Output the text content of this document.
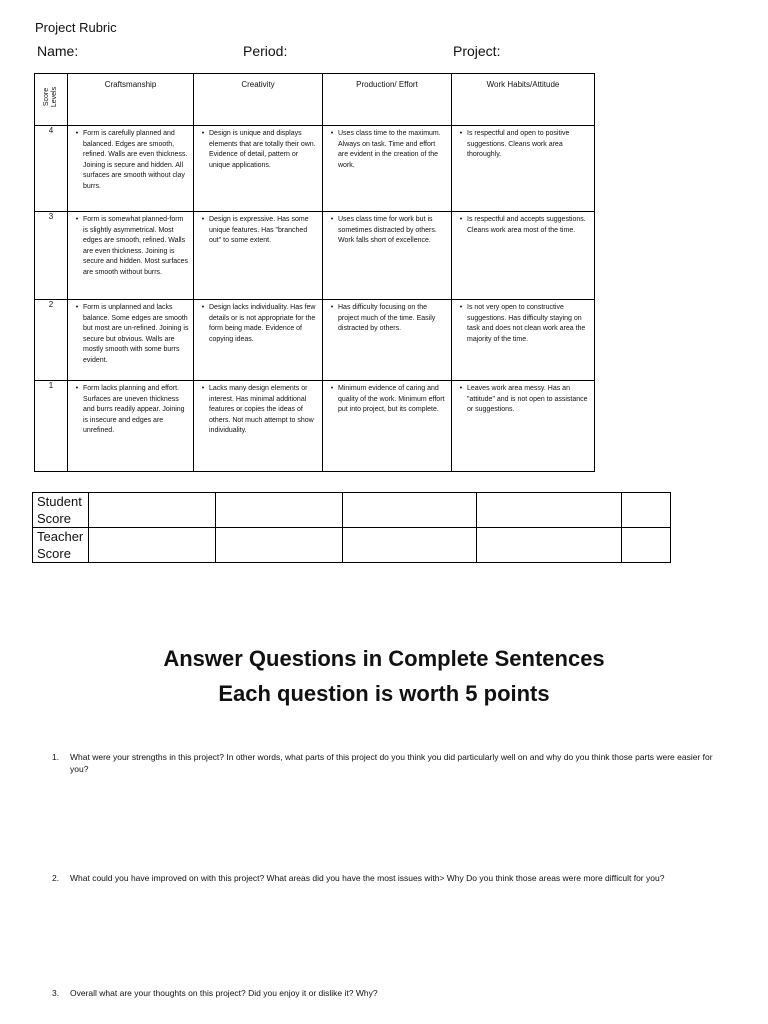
Project Rubric
Name:	Period:	Project:
Score
Levels	Craftsmanship	Creativity	Production/ Effort	Work Habits/Attitude
4	• Form is carefully planned and balanced. Edges are smooth, refined. Walls are even thickness. Joining is secure and hidden. All surfaces are smooth without clay burrs.	• Design is unique and displays elements that are totally their own. Evidence of detail, pattern or unique applications.	• Uses class time to the maximum. Always on task. Time and effort are evident in the creation of the work.	• Is respectful and open to positive suggestions. Cleans work area thoroughly.

3	• Form is somewhat planned-form is slightly asymmetrical. Most edges are smooth, refined. Walls are even thickness. Joining is secure and hidden. Most surfaces are smooth without burrs.	• Design is expressive. Has some unique features. Has "branched out" to some extent.	• Uses class time for work but is sometimes distracted by others. Work falls short of excellence.	• Is respectful and accepts suggestions. Cleans work area most of the time.

2	• Form is unplanned and lacks balance. Some edges are smooth but most are un-refined. Joining is secure but obvious. Walls are mostly smooth with some burrs evident.	• Design lacks individuality. Has few details or is not appropriate for the form being made. Evidence of copying ideas.	• Has difficulty focusing on the project much of the time. Easily distracted by others.	• Is not very open to constructive suggestions. Has difficulty staying on task and does not clean work area the majority of the time.

1	• Form lacks planning and effort. Surfaces are uneven thickness and burrs readily appear. Joining is insecure and edges are unrefined.	• Lacks many design elements or interest. Has minimal additional features or copies the ideas of others. Not much attempt to show individuality.	• Minimum evidence of caring and quality of the work. Minimum effort put into project, but its complete.	• Leaves work area messy. Has an "attitude" and is not open to assistance or suggestions.
Student
Score					
Teacher
Score					
Answer Questions in Complete Sentences
Each question is worth 5 points
1.	What were your strengths in this project? In other words, what parts of this project do you think you did particularly well on and why do you think those parts were easier for you?
2.	What could you have improved on with this project? What areas did you have the most issues with> Why Do you think those areas were more difficult for you?
3.	Overall what are your thoughts on this project? Did you enjoy it or dislike it? Why?
